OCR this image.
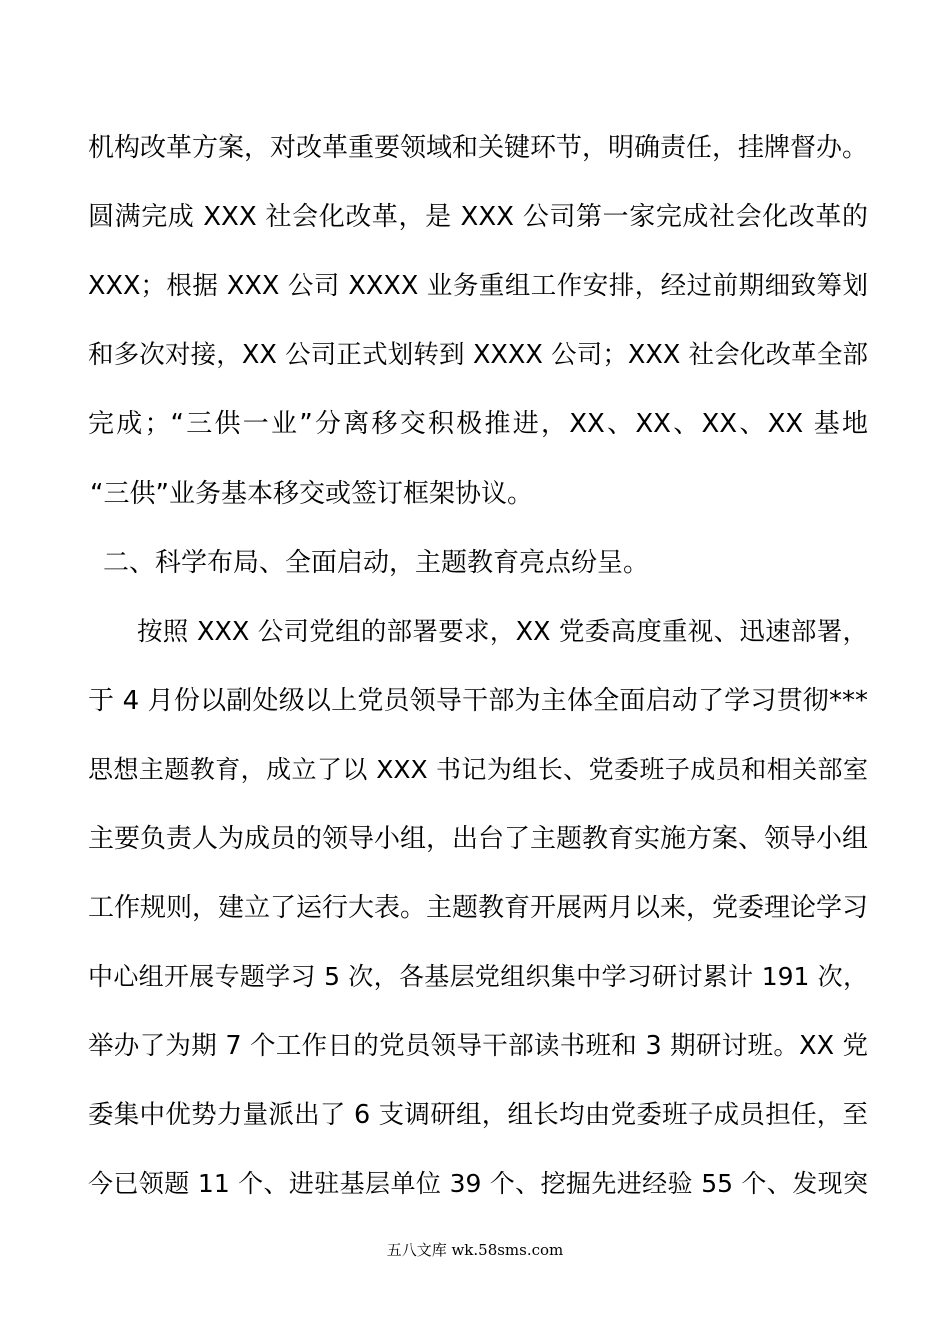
机构改革方案，对改革重要领域和关键环节，明确责任，挂牌督办。
圆满完成 XXX 社会化改革，是 XXX 公司第一家完成社会化改革的
XXX；根据 XXX 公司 XXXX 业务重组工作安排，经过前期细致筹划
和多次对接，XX 公司正式划转到 XXXX 公司；XXX 社会化改革全部
完成；“三供一业”分离移交积极推进，XX、XX、XX、XX 基地
“三供”业务基本移交或签订框架协议。
二、科学布局、全面启动，主题教育亮点纷呈。
按照 XXX 公司党组的部署要求，XX 党委高度重视、迅速部署，
于 4 月份以副处级以上党员领导干部为主体全面启动了学习贯彻***
思想主题教育，成立了以 XXX 书记为组长、党委班子成员和相关部室
主要负责人为成员的领导小组，出台了主题教育实施方案、领导小组
工作规则，建立了运行大表。主题教育开展两月以来，党委理论学习
中心组开展专题学习 5 次，各基层党组织集中学习研讨累计 191 次，
举办了为期 7 个工作日的党员领导干部读书班和 3 期研讨班。XX 党
委集中优势力量派出了 6 支调研组，组长均由党委班子成员担任，至
今已领题 11 个、进驻基层单位 39 个、挖掘先进经验 55 个、发现突
五八文库 wk.58sms.com
